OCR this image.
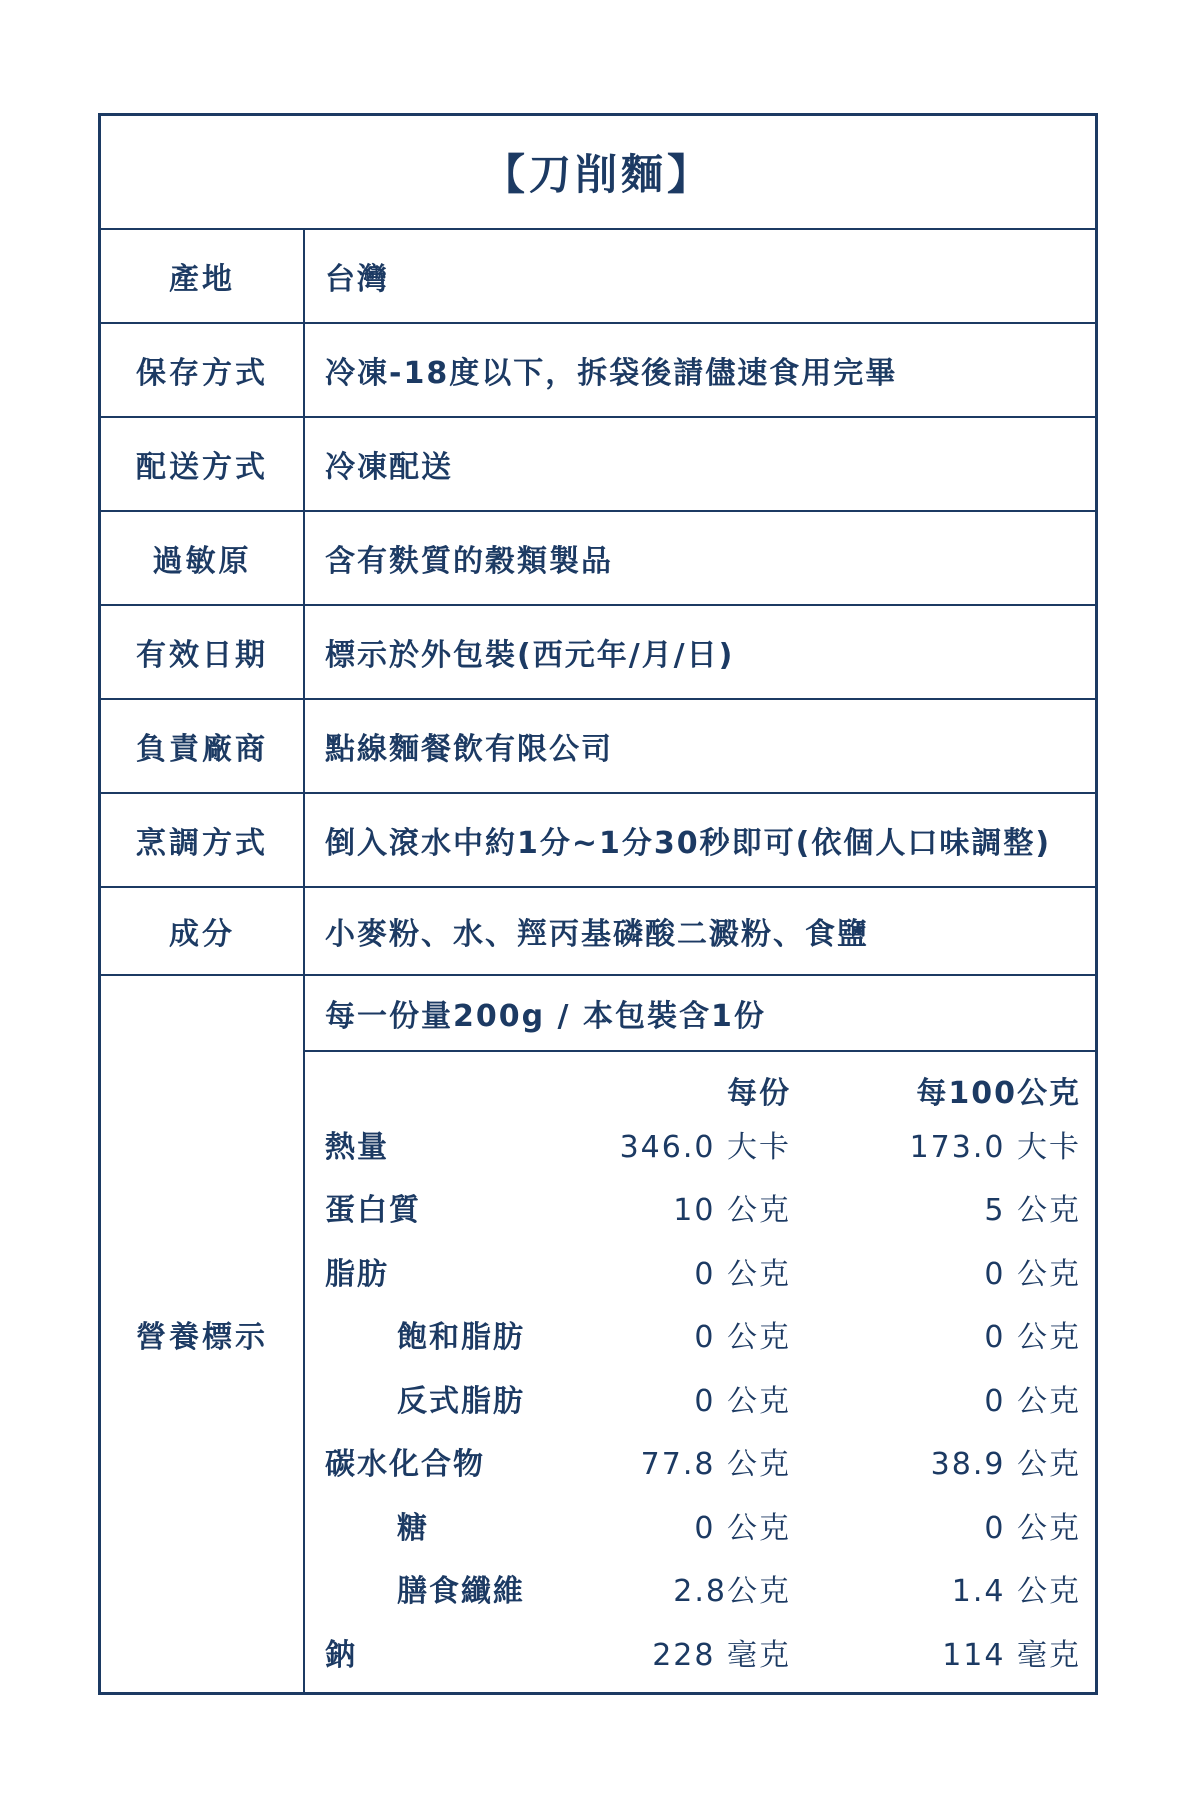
【刀削麵】
產地	台灣
保存方式	冷凍-18度以下，拆袋後請儘速食用完畢
配送方式	冷凍配送
過敏原	含有麩質的穀類製品
有效日期	標示於外包裝(西元年/月/日)
負責廠商	點線麵餐飲有限公司
烹調方式	倒入滾水中約1分~1分30秒即可(依個人口味調整)
成分	小麥粉、水、羥丙基磷酸二澱粉、食鹽
營養標示
每一份量200g / 本包裝含1份
每份	每100公克
熱量	346.0 大卡	173.0 大卡
蛋白質	10 公克	5 公克
脂肪	0 公克	0 公克
飽和脂肪	0 公克	0 公克
反式脂肪	0 公克	0 公克
碳水化合物	77.8 公克	38.9 公克
糖	0 公克	0 公克
膳食纖維	2.8公克	1.4 公克
鈉	228 毫克	114 毫克
